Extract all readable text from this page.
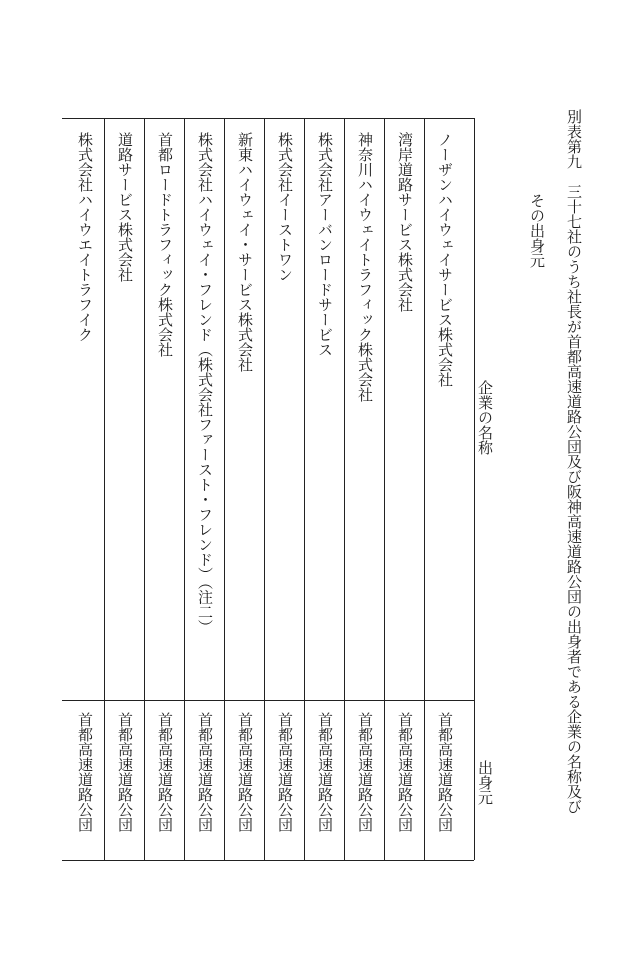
別表第九　三十七社のうち社長が首都高速道路公団及び阪神高速道路公団の出身者である企業の名称及び
その出身元
企業の名称
出身元
ノーザンハイウェイサービス株式会社
首都高速道路公団
湾岸道路サービス株式会社
首都高速道路公団
神奈川ハイウェイトラフィック株式会社
首都高速道路公団
株式会社アーバンロードサービス
首都高速道路公団
株式会社イーストワン
首都高速道路公団
新東ハイウェイ・サービス株式会社
首都高速道路公団
株式会社ハイウェイ・フレンド（株式会社ファースト・フレンド）（注二）
首都高速道路公団
首都ロードトラフィック株式会社
首都高速道路公団
道路サービス株式会社
首都高速道路公団
株式会社ハイウエイトラフイク
首都高速道路公団
